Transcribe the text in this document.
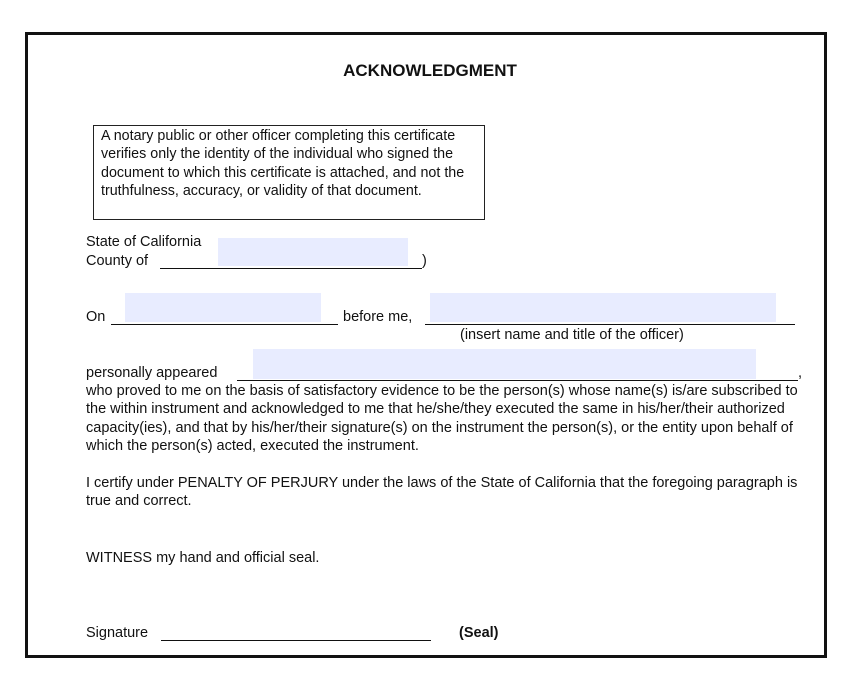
ACKNOWLEDGMENT
A notary public or other officer completing this certificate verifies only the identity of the individual who signed the document to which this certificate is attached, and not the truthfulness, accuracy, or validity of that document.
State of California
County of	)
On	before me,
(insert name and title of the officer)
personally appeared	,
who proved to me on the basis of satisfactory evidence to be the person(s) whose name(s) is/are subscribed to the within instrument and acknowledged to me that he/she/they executed the same in his/her/their authorized capacity(ies), and that by his/her/their signature(s) on the instrument the person(s), or the entity upon behalf of which the person(s) acted, executed the instrument.
I certify under PENALTY OF PERJURY under the laws of the State of California that the foregoing paragraph is true and correct.
WITNESS my hand and official seal.
Signature	(Seal)
